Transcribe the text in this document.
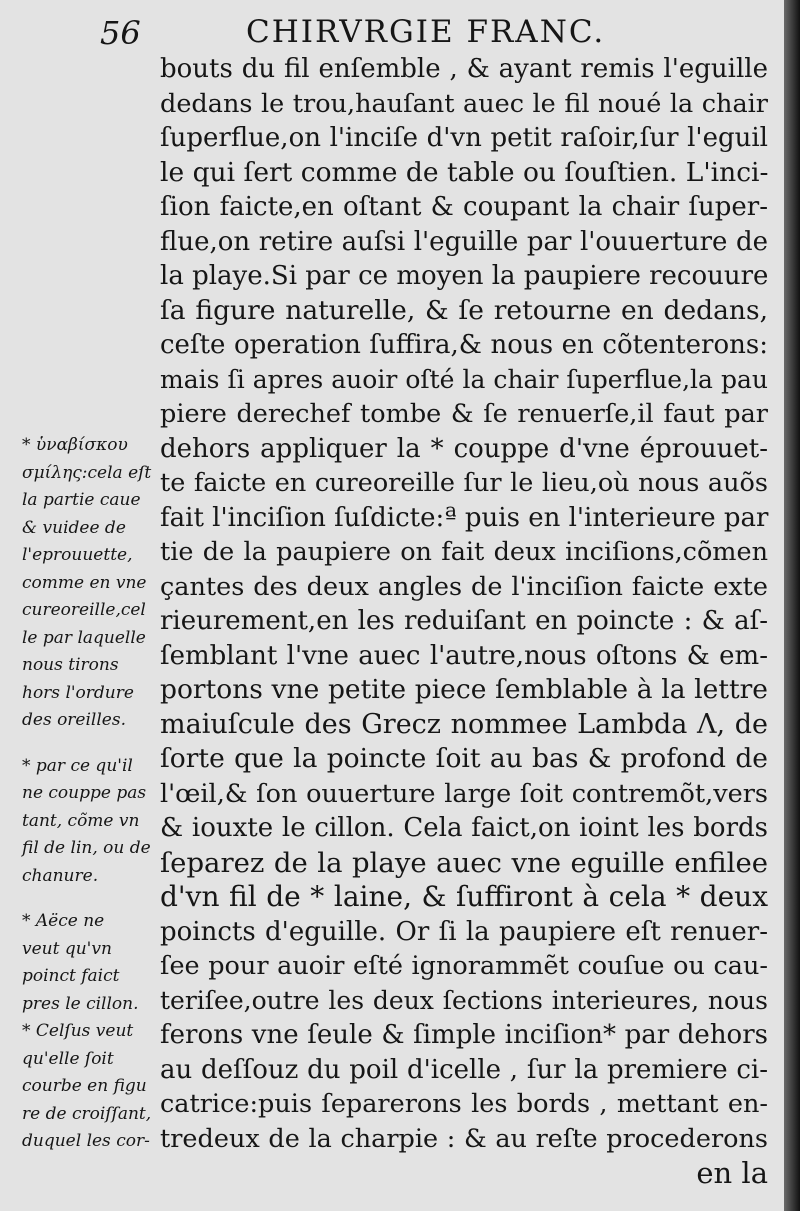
56	CHIRVRGIE FRANC.
* ὑναβίσκου
σμίλης:cela eſt
la partie caue
& vuidee de
l'eprouuette,
comme en vne
cureoreille,cel
le par laquelle
nous tirons
hors l'ordure
des oreilles.
* par ce qu'il
ne couppe pas
tant, cõme vn
fil de lin, ou de
chanure.
* Aëce ne
veut qu'vn
poinct faict
pres le cillon.
* Celſus veut
qu'elle ſoit
courbe en figu
re de croiſſant,
duquel les cor-
bouts du fil enſemble , & ayant remis l'eguille
dedans le trou,hauſant auec le fil noué la chair
ſuperflue,on l'inciſe d'vn petit raſoir,ſur l'eguil
le qui ſert comme de table ou ſouſtien. L'inci-
ſion faicte,en oſtant & coupant la chair ſuper-
flue,on retire auſsi l'eguille par l'ouuerture de
la playe.Si par ce moyen la paupiere recouure
ſa figure naturelle, & ſe retourne en dedans,
ceſte operation ſuffira,& nous en cõtenterons:
mais ſi apres auoir oſté la chair ſuperflue,la pau
piere derechef tombe & ſe renuerſe,il faut par
dehors appliquer la * couppe d'vne éprouuet-
te faicte en cureoreille ſur le lieu,où nous auõs
fait l'inciſion ſuſdicte:ª puis en l'interieure par
tie de la paupiere on fait deux inciſions,cõmen
çantes des deux angles de l'inciſion faicte exte
rieurement,en les reduiſant en poincte : & aſ-
ſemblant l'vne auec l'autre,nous oſtons & em-
portons vne petite piece ſemblable à la lettre
maiuſcule des Grecz nommee Lambda Λ, de
ſorte que la poincte ſoit au bas & profond de
l'œil,& ſon ouuerture large ſoit contremõt,vers
& iouxte le cillon. Cela faict,on ioint les bords
ſeparez de la playe auec vne eguille enfilee
d'vn fil de * laine, & ſuffiront à cela * deux
poincts d'eguille. Or ſi la paupiere eſt renuer-
ſee pour auoir eſté ignorammẽt couſue ou cau-
teriſee,outre les deux ſections interieures, nous
ferons vne ſeule & ſimple inciſion* par dehors
au deſſouz du poil d'icelle , ſur la premiere ci-
catrice:puis ſeparerons les bords , mettant en-
tredeux de la charpie : & au reſte procederons
en la
